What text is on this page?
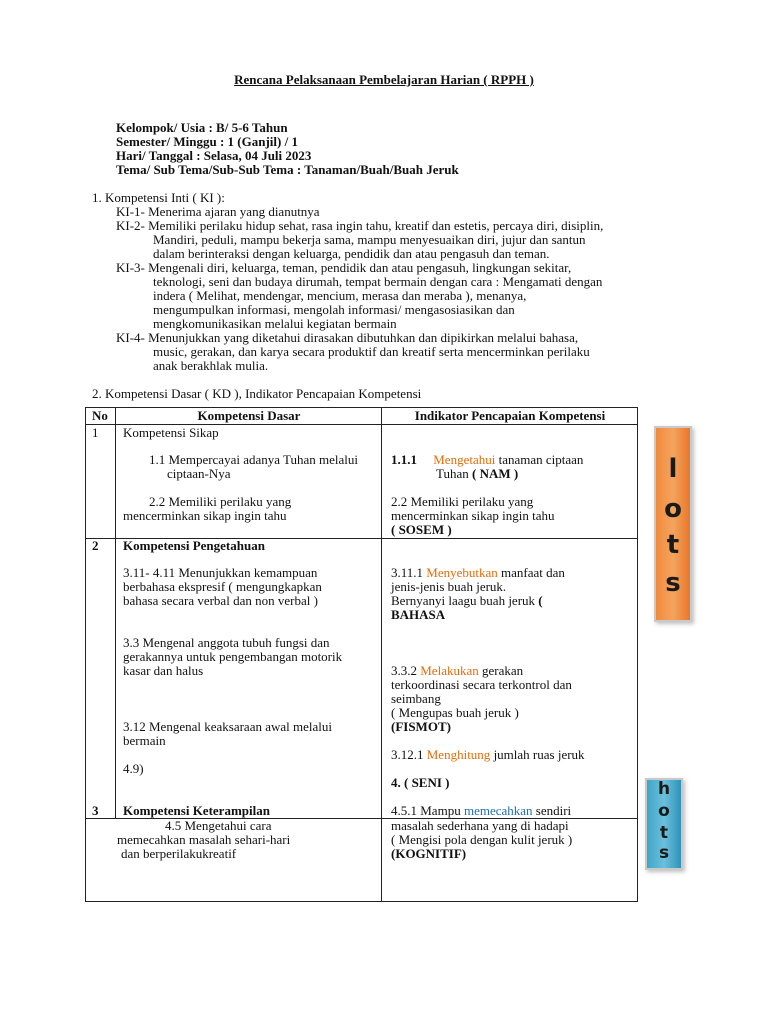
Rencana Pelaksanaan Pembelajaran Harian ( RPPH )
Kelompok/ Usia : B/ 5-6 Tahun
Semester/ Minggu : 1 (Ganjil) / 1
Hari/ Tanggal : Selasa, 04 Juli 2023
Tema/ Sub Tema/Sub-Sub Tema : Tanaman/Buah/Buah Jeruk
1. Kompetensi Inti ( KI ):
KI-1- Menerima ajaran yang dianutnya
KI-2- Memiliki perilaku hidup sehat, rasa ingin tahu, kreatif dan estetis, percaya diri, disiplin,
Mandiri, peduli, mampu bekerja sama, mampu menyesuaikan diri, jujur dan santun
dalam berinteraksi dengan keluarga, pendidik dan atau pengasuh dan teman.
KI-3- Mengenali diri, keluarga, teman, pendidik dan atau pengasuh, lingkungan sekitar,
teknologi, seni dan budaya dirumah, tempat bermain dengan cara : Mengamati dengan
indera ( Melihat, mendengar, mencium, merasa dan meraba ), menanya,
mengumpulkan informasi, mengolah informasi/ mengasosiasikan dan
mengkomunikasikan melalui kegiatan bermain
KI-4- Menunjukkan yang diketahui dirasakan dibutuhkan dan dipikirkan melalui bahasa,
music, gerakan, dan karya secara produktif dan kreatif serta mencerminkan perilaku
anak berakhlak mulia.
2. Kompetensi Dasar ( KD ), Indikator Pencapaian Kompetensi
No	Kompetensi Dasar	Indikator Pencapaian Kompetensi
1 Kompetensi Sikap
1.1 Mempercayai adanya Tuhan melalui
ciptaan-Nya
2.2 Memiliki perilaku yang
mencerminkan sikap ingin tahu
1.1.1 Mengetahui tanaman ciptaan
Tuhan ( NAM )
2.2 Memiliki perilaku yang
mencerminkan sikap ingin tahu
( SOSEM )
2 Kompetensi Pengetahuan
3.11- 4.11 Menunjukkan kemampuan
berbahasa ekspresif ( mengungkapkan
bahasa secara verbal dan non verbal )
3.3 Mengenal anggota tubuh fungsi dan
gerakannya untuk pengembangan motorik
kasar dan halus
3.12 Mengenal keaksaraan awal melalui
bermain
4.9)
3.11.1 Menyebutkan manfaat dan
jenis-jenis buah jeruk.
Bernyanyi laagu buah jeruk (
BAHASA
3.3.2 Melakukan gerakan
terkoordinasi secara terkontrol dan
seimbang
( Mengupas buah jeruk )
(FISMOT)
3.12.1 Menghitung jumlah ruas jeruk
4. ( SENI )
3 Kompetensi Keterampilan
4.5 Mengetahui cara
memecahkan masalah sehari-hari
dan berperilakukreatif
4.5.1 Mampu memecahkan sendiri
masalah sederhana yang di hadapi
( Mengisi pola dengan kulit jeruk )
(KOGNITIF)
l
o
t
s
h
o
t
s
